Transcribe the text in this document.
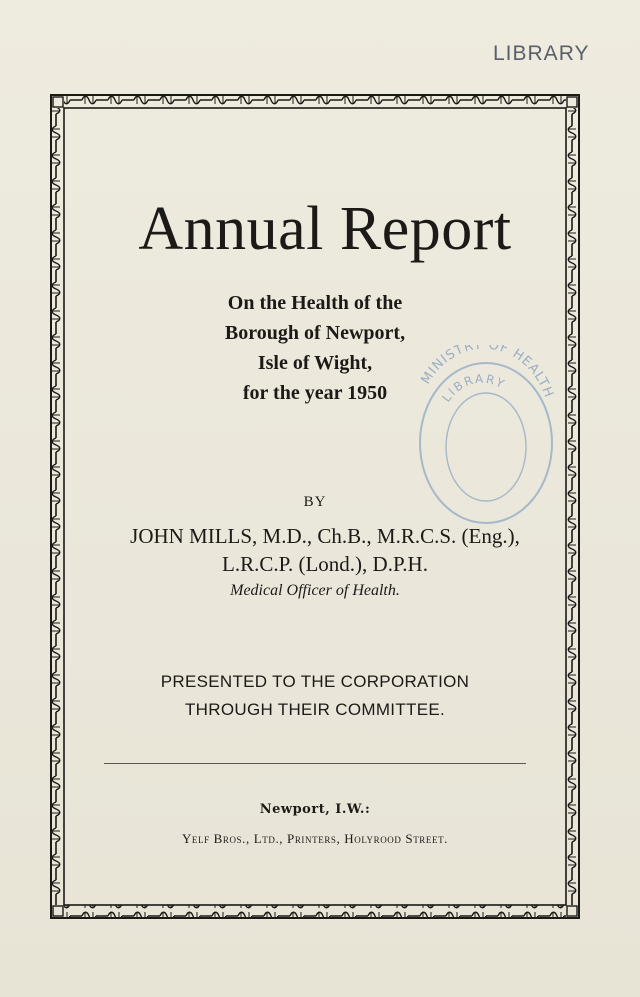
LIBRARY
Annual Report
On the Health of the
Borough of Newport,
Isle of Wight,
for the year 1950
BY
JOHN MILLS, M.D., Ch.B., M.R.C.S. (Eng.),
L.R.C.P. (Lond.), D.P.H.
Medical Officer of Health.
PRESENTED TO THE CORPORATION
THROUGH THEIR COMMITTEE.
Newport, I.W.:
Yelf Bros., Ltd., Printers, Holyrood Street.
MINISTRY OF HEALTH
LIBRARY
